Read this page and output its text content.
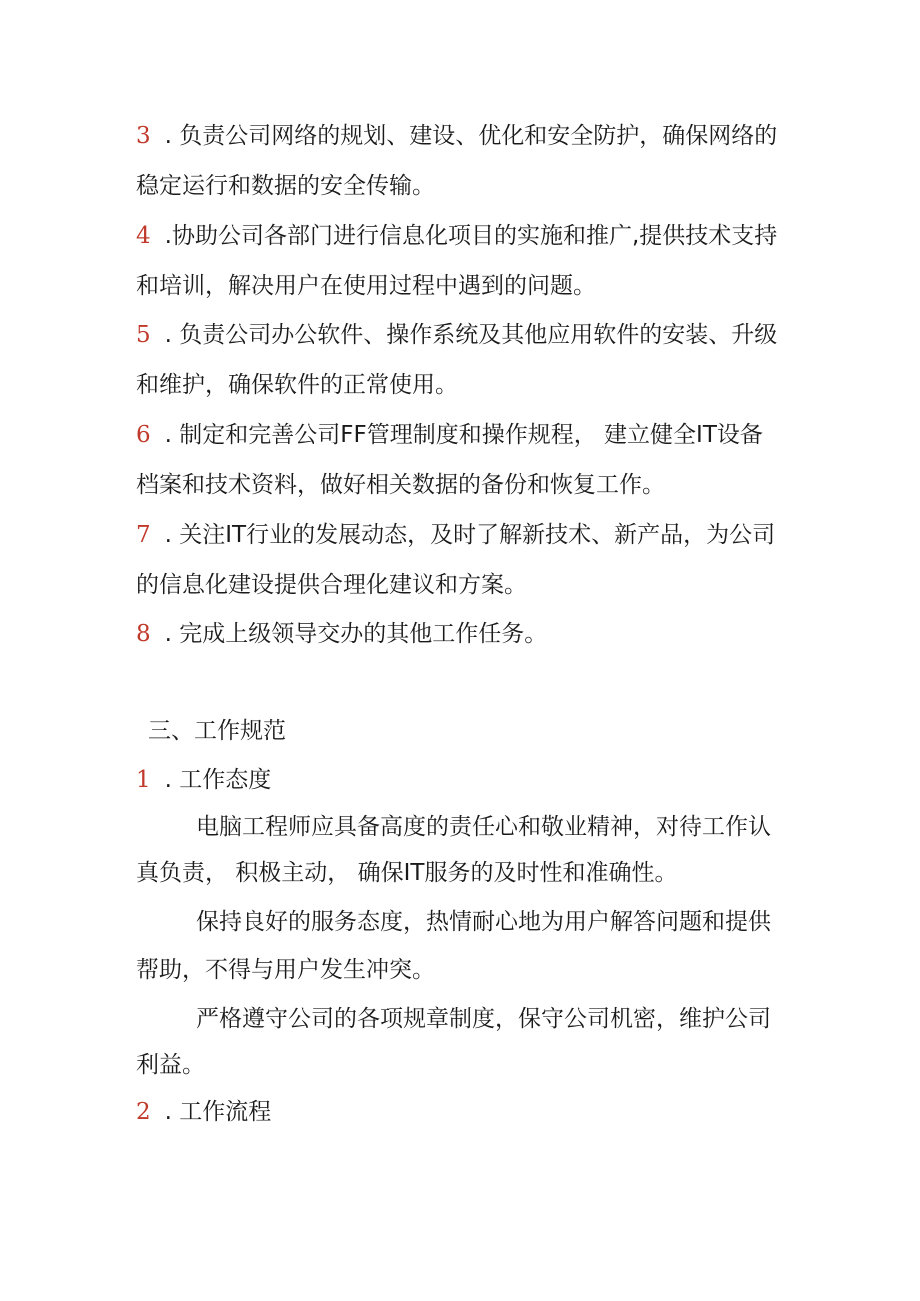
3 . 负责公司网络的规划、建设、优化和安全防护，确保网络的
稳定运行和数据的安全传输。
4 .协助公司各部门进行信息化项目的实施和推广,提供技术支持
和培训，解决用户在使用过程中遇到的问题。
5 . 负责公司办公软件、操作系统及其他应用软件的安装、升级
和维护，确保软件的正常使用。
6 . 制定和完善公司FF管理制度和操作规程， 建立健全IT设备
档案和技术资料，做好相关数据的备份和恢复工作。
7 . 关注IT行业的发展动态，及时了解新技术、新产品，为公司
的信息化建设提供合理化建议和方案。
8 . 完成上级领导交办的其他工作任务。
三、工作规范
1 . 工作态度
电脑工程师应具备高度的责任心和敬业精神，对待工作认
真负责， 积极主动， 确保IT服务的及时性和准确性。
保持良好的服务态度，热情耐心地为用户解答问题和提供
帮助，不得与用户发生冲突。
严格遵守公司的各项规章制度，保守公司机密，维护公司
利益。
2 . 工作流程
